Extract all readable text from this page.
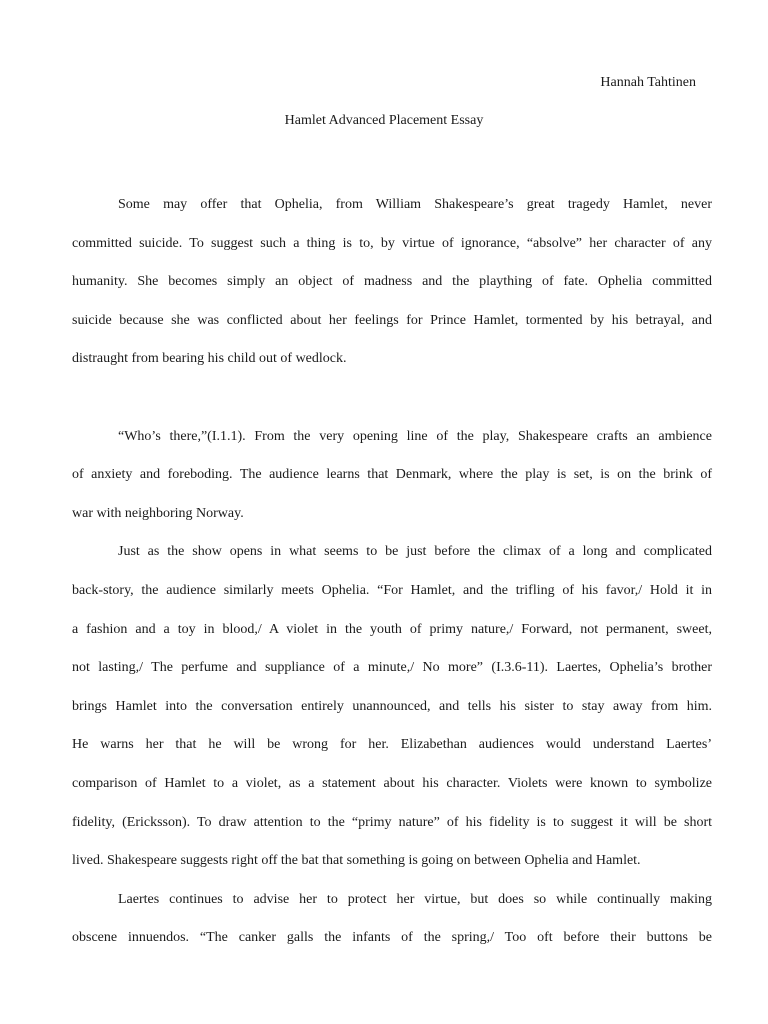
Hannah Tahtinen

Hamlet Advanced Placement Essay

Some may offer that Ophelia, from William Shakespeare’s great tragedy Hamlet, never
committed suicide. To suggest such a thing is to, by virtue of ignorance, “absolve” her character of any
humanity. She becomes simply an object of madness and the plaything of fate. Ophelia committed
suicide because she was conflicted about her feelings for Prince Hamlet, tormented by his betrayal, and
distraught from bearing his child out of wedlock.
“Who’s there,”(I.1.1). From the very opening line of the play, Shakespeare crafts an ambience
of anxiety and foreboding. The audience learns that Denmark, where the play is set, is on the brink of
war with neighboring Norway.
Just as the show opens in what seems to be just before the climax of a long and complicated
back-story, the audience similarly meets Ophelia. “For Hamlet, and the trifling of his favor,/ Hold it in
a fashion and a toy in blood,/ A violet in the youth of primy nature,/ Forward, not permanent, sweet,
not lasting,/ The perfume and suppliance of a minute,/ No more” (I.3.6-11). Laertes, Ophelia’s brother
brings Hamlet into the conversation entirely unannounced, and tells his sister to stay away from him.
He warns her that he will be wrong for her. Elizabethan audiences would understand Laertes’
comparison of Hamlet to a violet, as a statement about his character. Violets were known to symbolize
fidelity, (Ericksson). To draw attention to the “primy nature” of his fidelity is to suggest it will be short
lived. Shakespeare suggests right off the bat that something is going on between Ophelia and Hamlet.
Laertes continues to advise her to protect her virtue, but does so while continually making
obscene innuendos. “The canker galls the infants of the spring,/ Too oft before their buttons be
